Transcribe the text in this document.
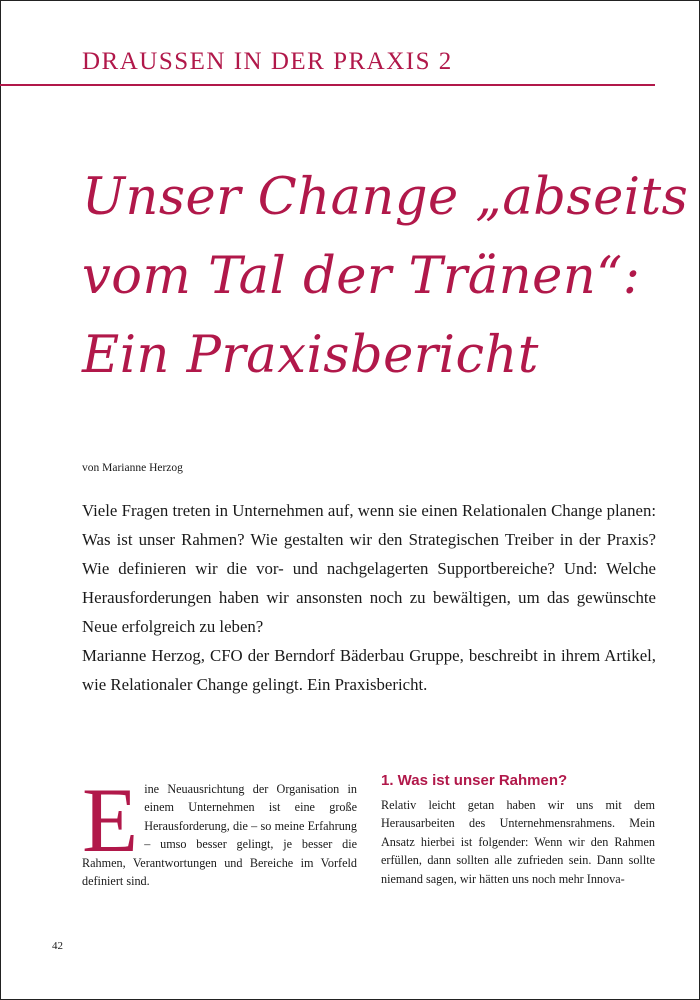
DRAUSSEN IN DER PRAXIS 2
Unser Change „abseits
vom Tal der Tränen“:
Ein Praxisbericht
von Marianne Herzog

Viele Fragen treten in Unternehmen auf, wenn sie einen Relationalen Change planen: Was ist unser Rahmen? Wie gestalten wir den Strategischen Treiber in der Praxis? Wie definieren wir die vor- und nachgelagerten Supportbereiche? Und: Welche Herausforderungen haben wir ansonsten noch zu bewältigen, um das gewünschte Neue erfolgreich zu leben?

Marianne Herzog, CFO der Berndorf Bäderbau Gruppe, beschreibt in ihrem Artikel, wie Relationaler Change gelingt. Ein Praxisbericht.

E ine Neuausrichtung der Organisation in einem Unternehmen ist eine große Herausforderung, die – so meine Erfahrung – umso besser gelingt, je besser die Rahmen, Verantwortungen und Bereiche im Vorfeld definiert sind.

1. Was ist unser Rahmen?

Relativ leicht getan haben wir uns mit dem Herausarbeiten des Unternehmensrahmens. Mein Ansatz hierbei ist folgender: Wenn wir den Rahmen erfüllen, dann sollten alle zufrieden sein. Dann sollte niemand sagen, wir hätten uns noch mehr Innova-

42
